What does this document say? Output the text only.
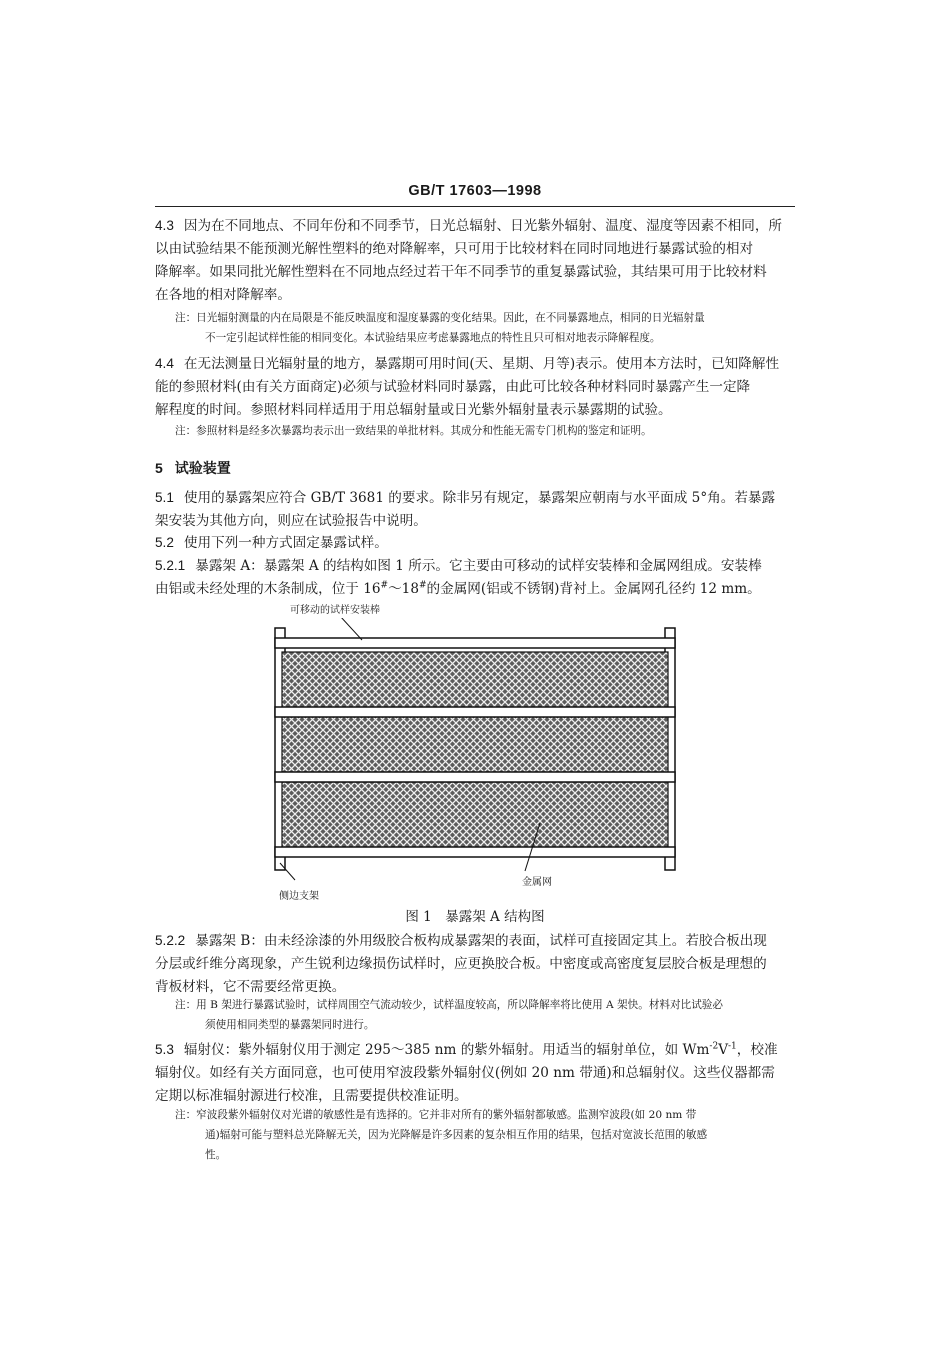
GB/T 17603—1998
4.3 因为在不同地点、不同年份和不同季节，日光总辐射、日光紫外辐射、温度、湿度等因素不相同，所
以由试验结果不能预测光解性塑料的绝对降解率，只可用于比较材料在同时同地进行暴露试验的相对
降解率。如果同批光解性塑料在不同地点经过若干年不同季节的重复暴露试验，其结果可用于比较材料
在各地的相对降解率。
注：日光辐射测量的内在局限是不能反映温度和湿度暴露的变化结果。因此，在不同暴露地点，相同的日光辐射量
不一定引起试样性能的相同变化。本试验结果应考虑暴露地点的特性且只可相对地表示降解程度。
4.4 在无法测量日光辐射量的地方，暴露期可用时间(天、星期、月等)表示。使用本方法时，已知降解性
能的参照材料(由有关方面商定)必须与试验材料同时暴露，由此可比较各种材料同时暴露产生一定降
解程度的时间。参照材料同样适用于用总辐射量或日光紫外辐射量表示暴露期的试验。
注：参照材料是经多次暴露均表示出一致结果的单批材料。其成分和性能无需专门机构的鉴定和证明。
5 试验装置
5.1 使用的暴露架应符合 GB/T 3681 的要求。除非另有规定，暴露架应朝南与水平面成 5°角。若暴露
架安装为其他方向，则应在试验报告中说明。
5.2 使用下列一种方式固定暴露试样。
5.2.1 暴露架 A：暴露架 A 的结构如图 1 所示。它主要由可移动的试样安装棒和金属网组成。安装棒
由铝或未经处理的木条制成，位于 16#～18#的金属网(铝或不锈钢)背衬上。金属网孔径约 12 mm。
可移动的试样安装棒
金属网
侧边支架
图 1　暴露架 A 结构图
5.2.2 暴露架 B：由未经涂漆的外用级胶合板构成暴露架的表面，试样可直接固定其上。若胶合板出现
分层或纤维分离现象，产生锐利边缘损伤试样时，应更换胶合板。中密度或高密度复层胶合板是理想的
背板材料，它不需要经常更换。
注：用 B 架进行暴露试验时，试样周围空气流动较少，试样温度较高，所以降解率将比使用 A 架快。材料对比试验必
须使用相同类型的暴露架同时进行。
5.3 辐射仪：紫外辐射仪用于测定 295～385 nm 的紫外辐射。用适当的辐射单位，如 $Wm^{-2}V^{-1}$，校准
辐射仪。如经有关方面同意，也可使用窄波段紫外辐射仪(例如 20 nm 带通)和总辐射仪。这些仪器都需
定期以标准辐射源进行校准，且需要提供校准证明。
注：窄波段紫外辐射仪对光谱的敏感性是有选择的。它并非对所有的紫外辐射都敏感。监测窄波段(如 20 nm 带
通)辐射可能与塑料总光降解无关，因为光降解是许多因素的复杂相互作用的结果，包括对宽波长范围的敏感
性。
